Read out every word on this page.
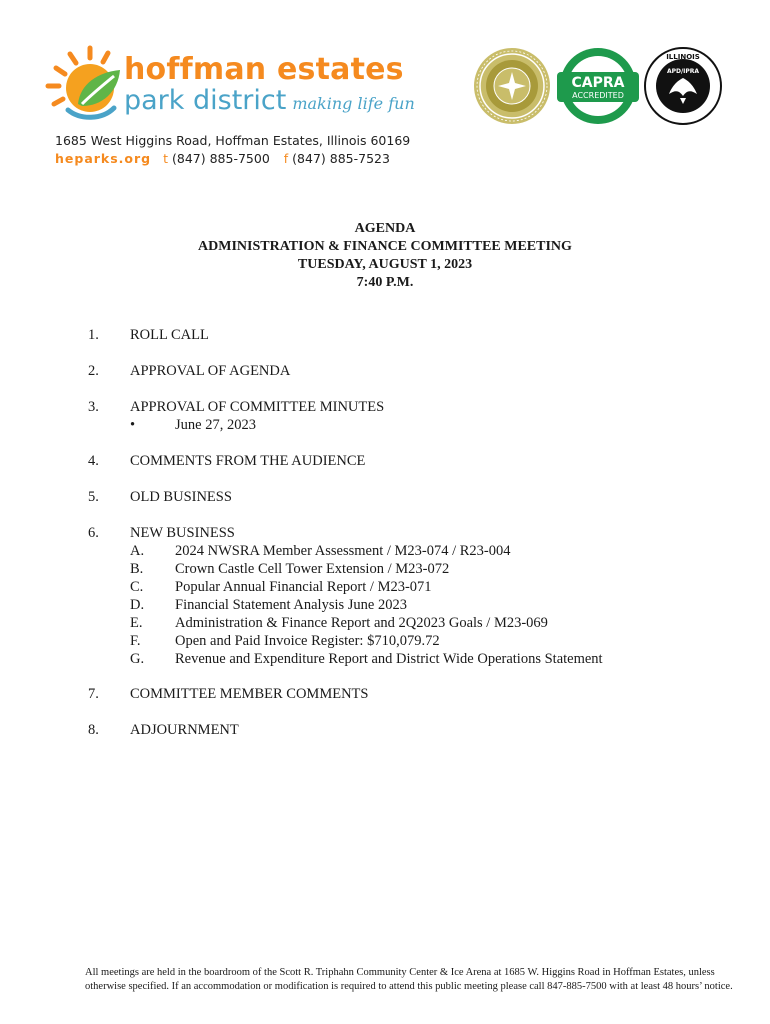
hoffman estates
park district making life fun
1685 West Higgins Road, Hoffman Estates, Illinois 60169
heparks.org t (847) 885-7500 f (847) 885-7523
CAPRA
ACCREDITED
ILLINOIS
APD/IPRA
AGENDA
ADMINISTRATION & FINANCE COMMITTEE MEETING
TUESDAY, AUGUST 1, 2023
7:40 P.M.
1. ROLL CALL
2. APPROVAL OF AGENDA
3. APPROVAL OF COMMITTEE MINUTES
•	June 27, 2023
4. COMMENTS FROM THE AUDIENCE
5. OLD BUSINESS
6. NEW BUSINESS
A. 2024 NWSRA Member Assessment / M23-074 / R23-004
B. Crown Castle Cell Tower Extension / M23-072
C. Popular Annual Financial Report / M23-071
D. Financial Statement Analysis June 2023
E. Administration & Finance Report and 2Q2023 Goals / M23-069
F. Open and Paid Invoice Register: $710,079.72
G. Revenue and Expenditure Report and District Wide Operations Statement
7. COMMITTEE MEMBER COMMENTS
8. ADJOURNMENT
All meetings are held in the boardroom of the Scott R. Triphahn Community Center & Ice Arena at 1685 W. Higgins Road in Hoffman Estates, unless otherwise specified. If an accommodation or modification is required to attend this public meeting please call 847-885-7500 with at least 48 hours’ notice.
